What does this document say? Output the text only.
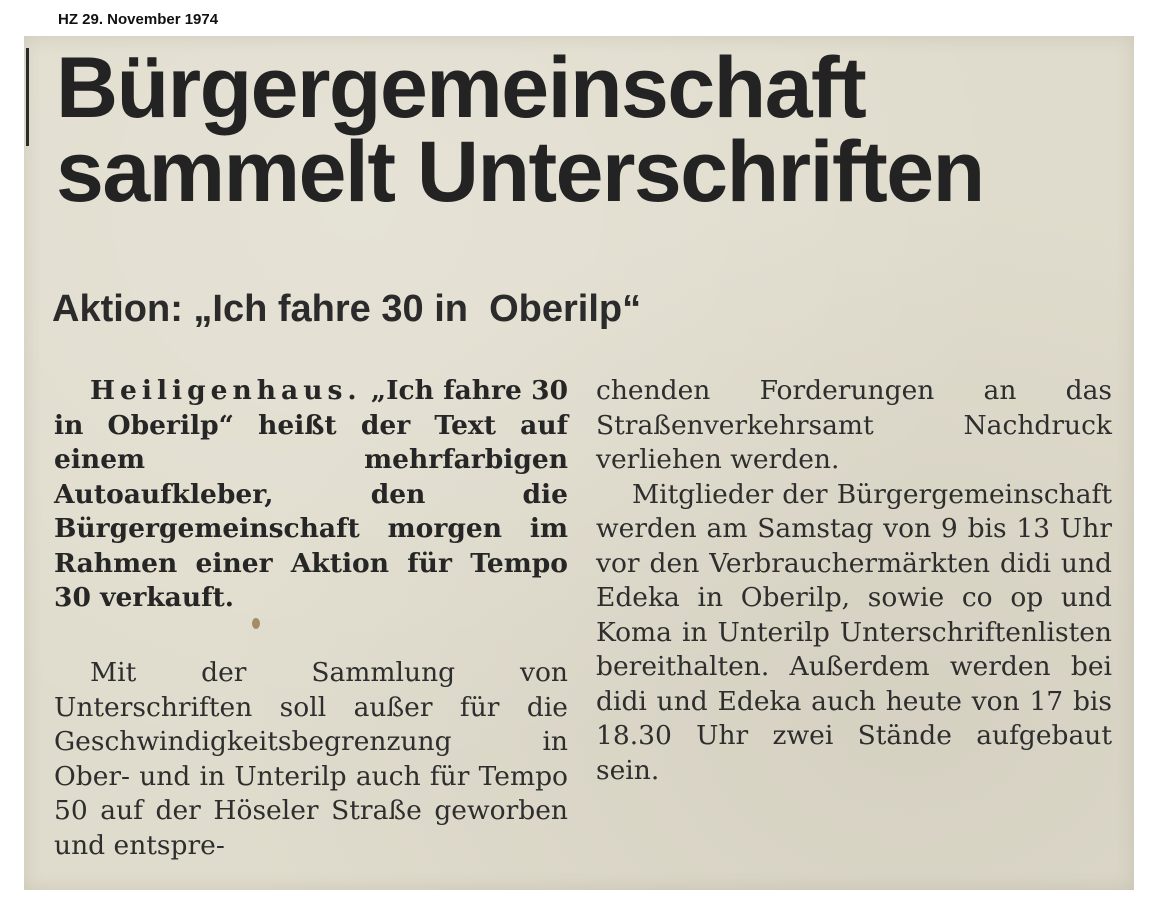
HZ 29. November 1974
Bürgergemeinschaft
sammelt Unterschriften
Aktion: „Ich fahre 30 in  Oberilp“
Heiligenhaus. „Ich fahre 30 in Oberilp“ heißt der Text auf einem mehrfarbigen Autoaufkleber, den die Bürgergemeinschaft morgen im Rahmen einer Aktion für Tempo 30 verkauft.

Mit der Sammlung von Unterschriften soll außer für die Geschwindigkeitsbegrenzung in Ober- und in Unterilp auch für Tempo 50 auf der Höseler Straße geworben und entspre-

chenden Forderungen an das Straßenverkehrsamt Nachdruck verliehen werden.

Mitglieder der Bürgergemeinschaft werden am Samstag von 9 bis 13 Uhr vor den Verbrauchermärkten didi und Edeka in Oberilp, sowie co op und Koma in Unterilp Unterschriftenlisten bereithalten. Außerdem werden bei didi und Edeka auch heute von 17 bis 18.30 Uhr zwei Stände aufgebaut sein.
